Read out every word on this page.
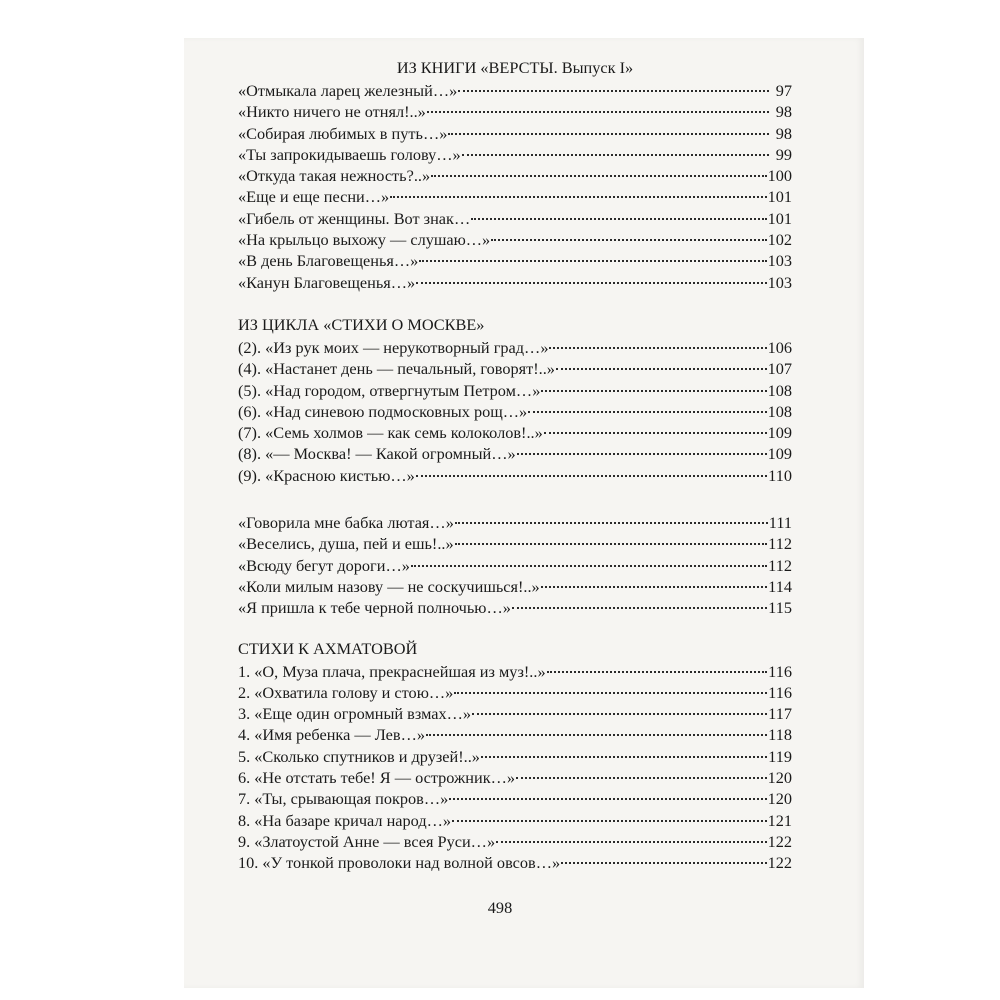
ИЗ КНИГИ «ВЕРСТЫ. Выпуск I»
«Отмыкала ларец железный…»	97
«Никто ничего не отнял!..»	98
«Собирая любимых в путь…»	98
«Ты запрокидываешь голову…»	99
«Откуда такая нежность?..»	100
«Еще и еще песни…»	101
«Гибель от женщины. Вот знак…	101
«На крыльцо выхожу — слушаю…»	102
«В день Благовещенья…»	103
«Канун Благовещенья…»	103
ИЗ ЦИКЛА «СТИХИ О МОСКВЕ»
(2). «Из рук моих — нерукотворный град…»	106
(4). «Настанет день — печальный, говорят!..»	107
(5). «Над городом, отвергнутым Петром…»	108
(6). «Над синевою подмосковных рощ…»	108
(7). «Семь холмов — как семь колоколов!..»	109
(8). «— Москва! — Какой огромный…»	109
(9). «Красною кистью…»	110
«Говорила мне бабка лютая…»	111
«Веселись, душа, пей и ешь!..»	112
«Всюду бегут дороги…»	112
«Коли милым назову — не соскучишься!..»	114
«Я пришла к тебе черной полночью…»	115
СТИХИ К АХМАТОВОЙ
1. «О, Муза плача, прекраснейшая из муз!..»	116
2. «Охватила голову и стою…»	116
3. «Еще один огромный взмах…»	117
4. «Имя ребенка — Лев…»	118
5. «Сколько спутников и друзей!..»	119
6. «Не отстать тебе! Я — острожник…»	120
7. «Ты, срывающая покров…»	120
8. «На базаре кричал народ…»	121
9. «Златоустой Анне — всея Руси…»	122
10. «У тонкой проволоки над волной овсов…»	122
498
